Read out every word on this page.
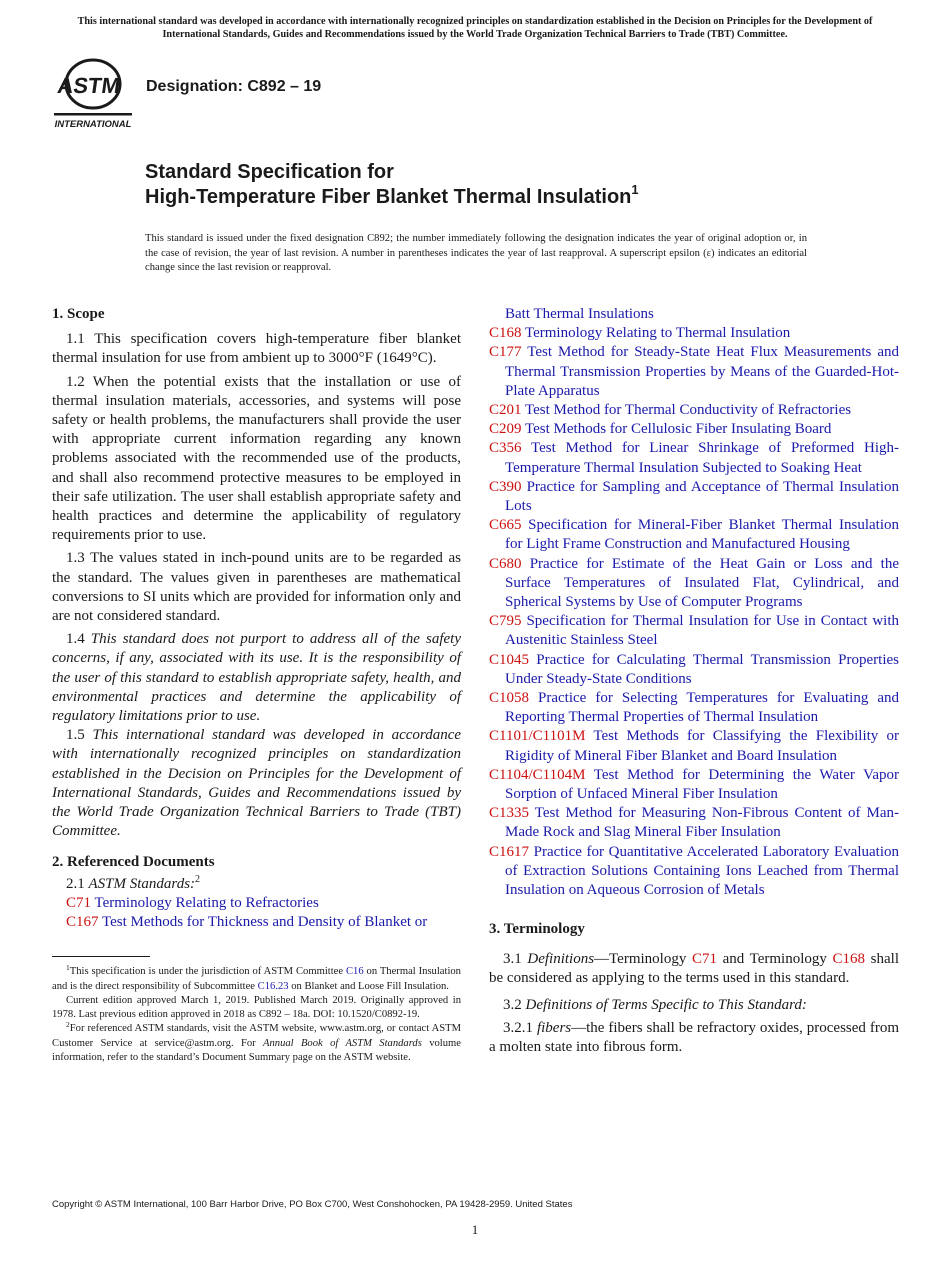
This international standard was developed in accordance with internationally recognized principles on standardization established in the Decision on Principles for the Development of International Standards, Guides and Recommendations issued by the World Trade Organization Technical Barriers to Trade (TBT) Committee.
ASTM
INTERNATIONAL
Designation: C892 – 19
Standard Specification for
High-Temperature Fiber Blanket Thermal Insulation$^1$
This standard is issued under the fixed designation C892; the number immediately following the designation indicates the year of original adoption or, in the case of revision, the year of last revision. A number in parentheses indicates the year of last reapproval. A superscript epsilon (ε) indicates an editorial change since the last revision or reapproval.

1. Scope

1.1 This specification covers high-temperature fiber blanket thermal insulation for use from ambient up to 3000°F (1649°C).

1.2 When the potential exists that the installation or use of thermal insulation materials, accessories, and systems will pose safety or health problems, the manufacturers shall provide the user with appropriate current information regarding any known problems associated with the recommended use of the products, and shall also recommend protective measures to be employed in their safe utilization. The user shall establish appropriate safety and health practices and determine the applicability of regulatory requirements prior to use.

1.3 The values stated in inch-pound units are to be regarded as the standard. The values given in parentheses are mathematical conversions to SI units which are provided for information only and are not considered standard.

1.4 This standard does not purport to address all of the safety concerns, if any, associated with its use. It is the responsibility of the user of this standard to establish appropriate safety, health, and environmental practices and determine the applicability of regulatory limitations prior to use.

1.5 This international standard was developed in accordance with internationally recognized principles on standardization established in the Decision on Principles for the Development of International Standards, Guides and Recommendations issued by the World Trade Organization Technical Barriers to Trade (TBT) Committee.

2. Referenced Documents

2.1 ASTM Standards:$^2$

C71 Terminology Relating to Refractories

C167 Test Methods for Thickness and Density of Blanket or

$^1$This specification is under the jurisdiction of ASTM Committee C16 on Thermal Insulation and is the direct responsibility of Subcommittee C16.23 on Blanket and Loose Fill Insulation.

Current edition approved March 1, 2019. Published March 2019. Originally approved in 1978. Last previous edition approved in 2018 as C892 – 18a. DOI: 10.1520/C0892-19.

$^2$For referenced ASTM standards, visit the ASTM website, www.astm.org, or contact ASTM Customer Service at service@astm.org. For Annual Book of ASTM Standards volume information, refer to the standard’s Document Summary page on the ASTM website.

Batt Thermal Insulations

C168 Terminology Relating to Thermal Insulation

C177 Test Method for Steady-State Heat Flux Measurements and Thermal Transmission Properties by Means of the Guarded-Hot-Plate Apparatus

C201 Test Method for Thermal Conductivity of Refractories

C209 Test Methods for Cellulosic Fiber Insulating Board

C356 Test Method for Linear Shrinkage of Preformed High-Temperature Thermal Insulation Subjected to Soaking Heat

C390 Practice for Sampling and Acceptance of Thermal Insulation Lots

C665 Specification for Mineral-Fiber Blanket Thermal Insulation for Light Frame Construction and Manufactured Housing

C680 Practice for Estimate of the Heat Gain or Loss and the Surface Temperatures of Insulated Flat, Cylindrical, and Spherical Systems by Use of Computer Programs

C795 Specification for Thermal Insulation for Use in Contact with Austenitic Stainless Steel

C1045 Practice for Calculating Thermal Transmission Properties Under Steady-State Conditions

C1058 Practice for Selecting Temperatures for Evaluating and Reporting Thermal Properties of Thermal Insulation

C1101/C1101M Test Methods for Classifying the Flexibility or Rigidity of Mineral Fiber Blanket and Board Insulation

C1104/C1104M Test Method for Determining the Water Vapor Sorption of Unfaced Mineral Fiber Insulation

C1335 Test Method for Measuring Non-Fibrous Content of Man-Made Rock and Slag Mineral Fiber Insulation

C1617 Practice for Quantitative Accelerated Laboratory Evaluation of Extraction Solutions Containing Ions Leached from Thermal Insulation on Aqueous Corrosion of Metals

3. Terminology

3.1 Definitions—Terminology C71 and Terminology C168 shall be considered as applying to the terms used in this standard.

3.2 Definitions of Terms Specific to This Standard:

3.2.1 fibers—the fibers shall be refractory oxides, processed from a molten state into fibrous form.

Copyright © ASTM International, 100 Barr Harbor Drive, PO Box C700, West Conshohocken, PA 19428-2959. United States
1
